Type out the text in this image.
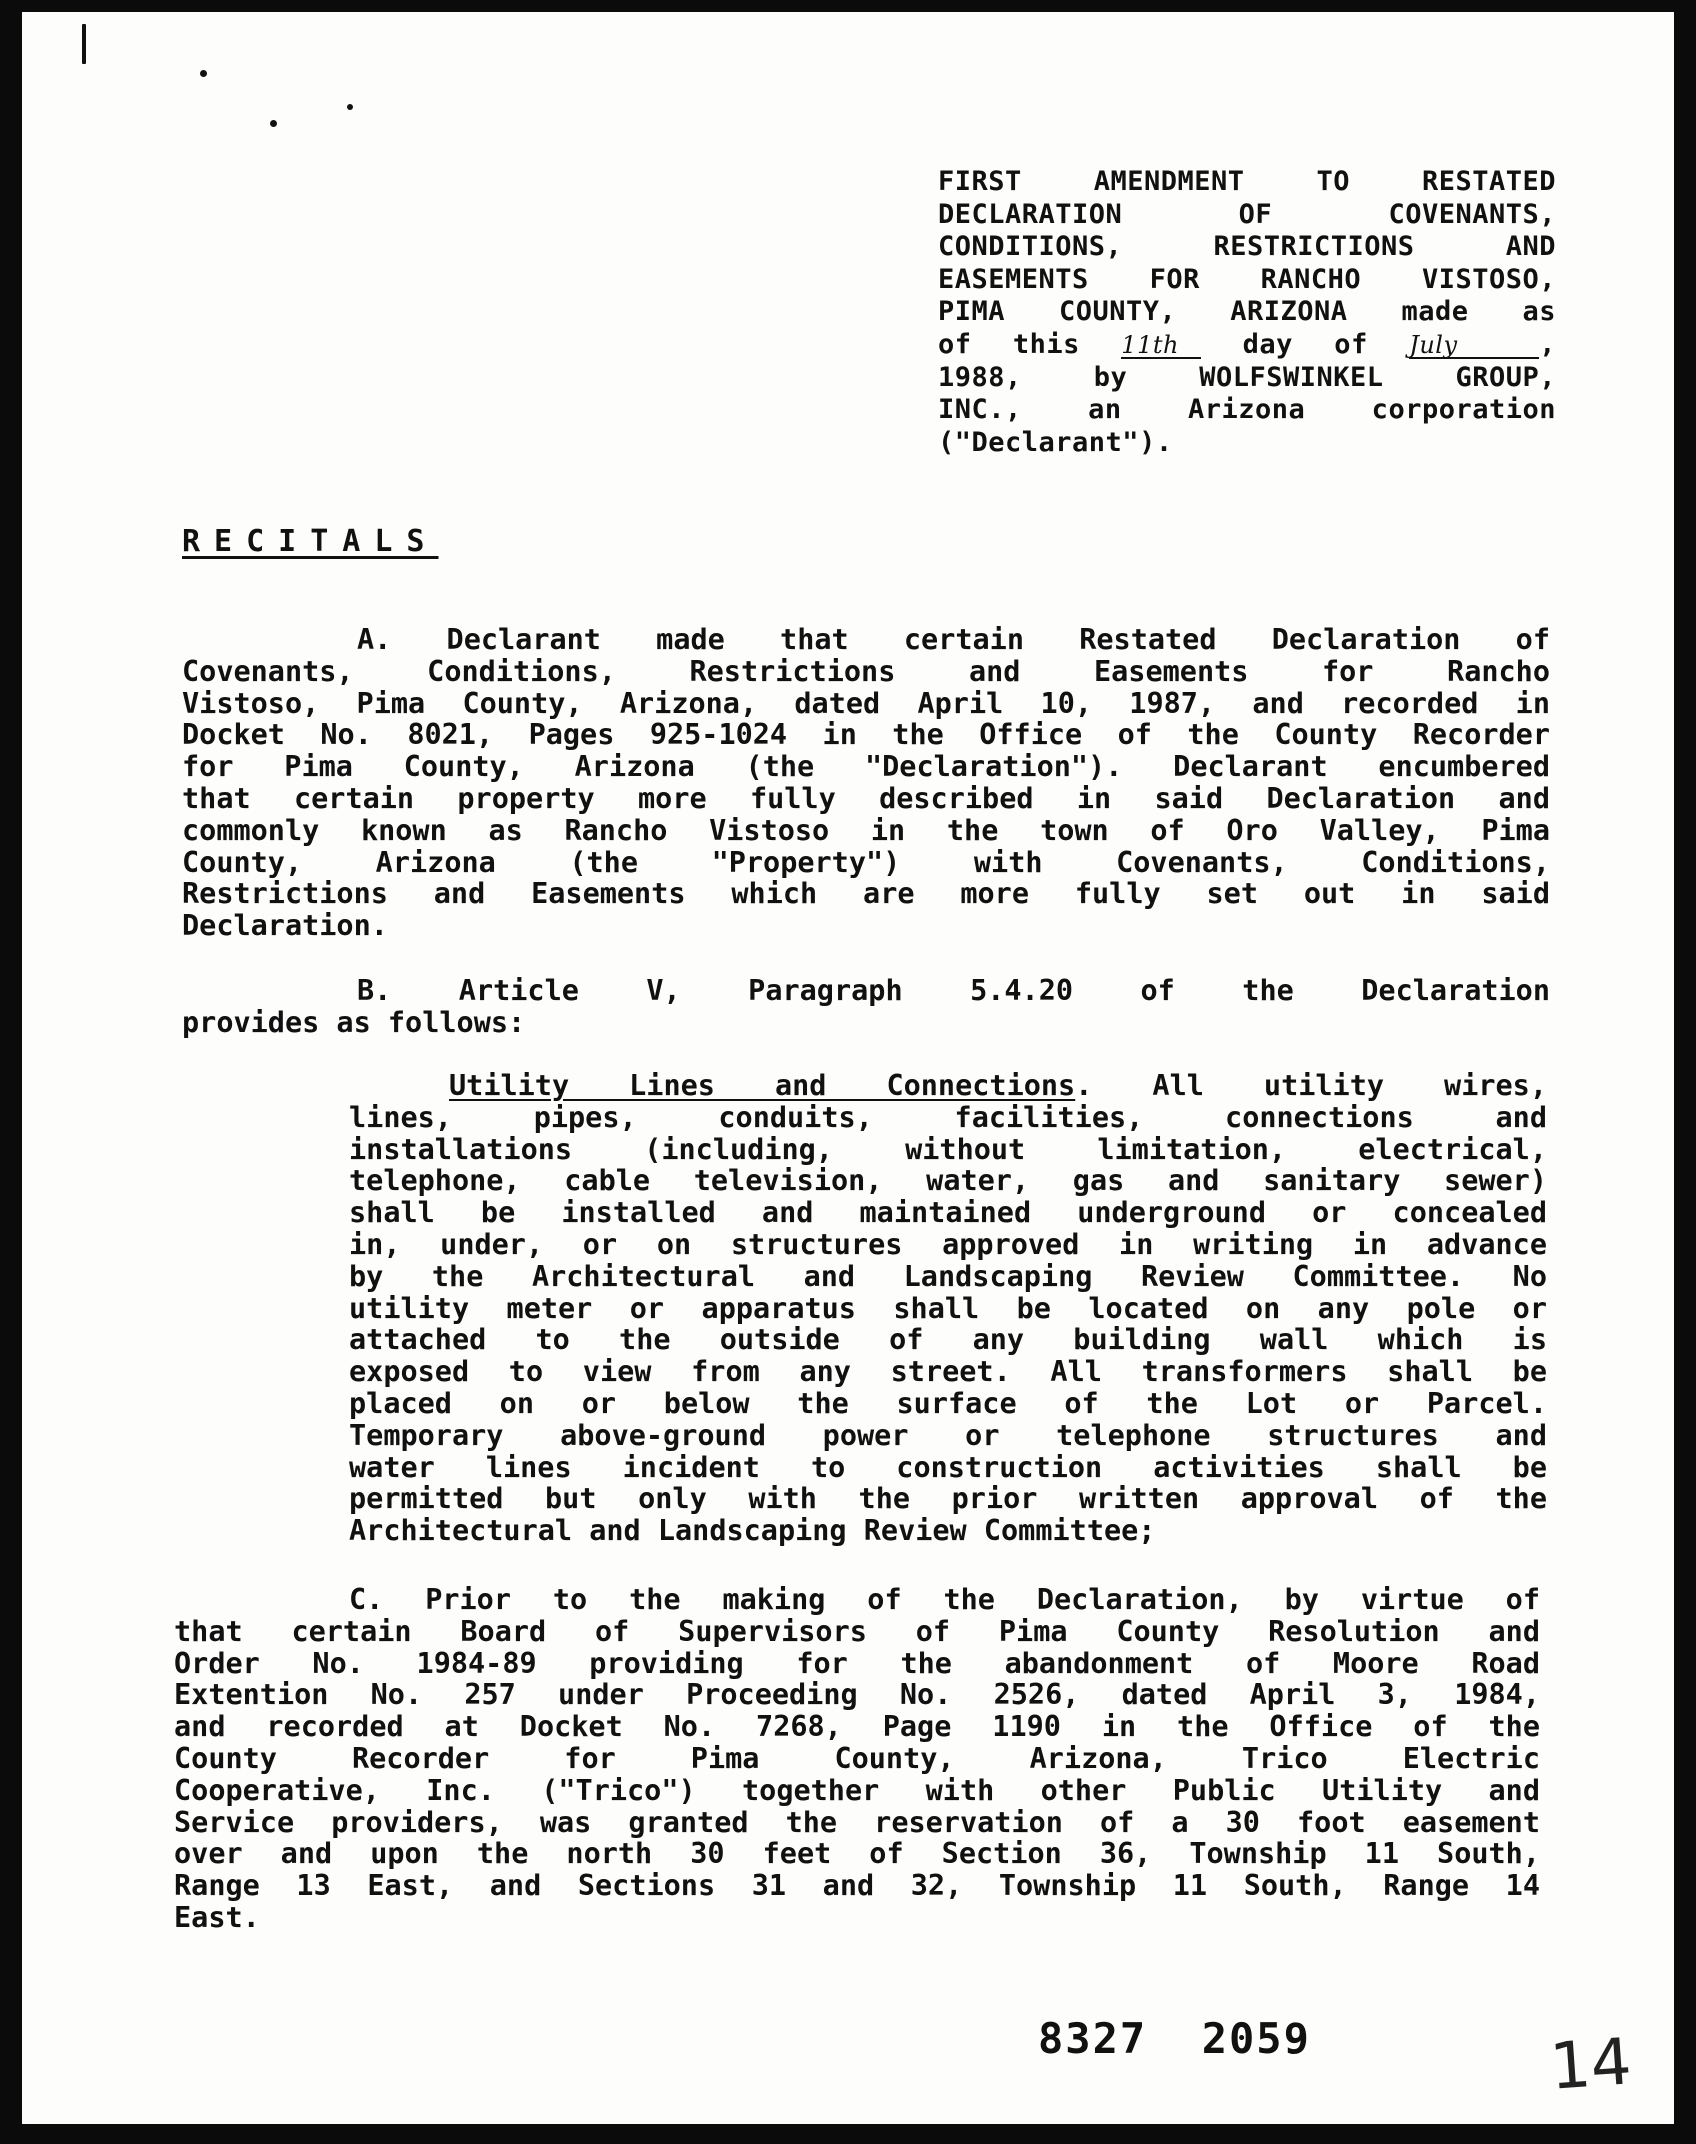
FIRST AMENDMENT TO RESTATED
DECLARATION OF COVENANTS,
CONDITIONS, RESTRICTIONS AND
EASEMENTS FOR RANCHO VISTOSO,
PIMA COUNTY, ARIZONA made as
of this 11th day of July	,
1988, by WOLFSWINKEL GROUP,
INC., an Arizona corporation
("Declarant").
RECITALS
A. Declarant made that certain Restated Declaration of
Covenants, Conditions, Restrictions and Easements for Rancho
Vistoso, Pima County, Arizona, dated April 10, 1987, and recorded in
Docket No. 8021, Pages 925-1024 in the Office of the County Recorder
for Pima County, Arizona (the "Declaration"). Declarant encumbered
that certain property more fully described in said Declaration and
commonly known as Rancho Vistoso in the town of Oro Valley, Pima
County, Arizona (the "Property") with Covenants, Conditions,
Restrictions and Easements which are more fully set out in said
Declaration.
B. Article V, Paragraph 5.4.20 of the Declaration
provides as follows:
Utility Lines and Connections. All utility wires,
lines, pipes, conduits, facilities, connections and
installations (including, without limitation, electrical,
telephone, cable television, water, gas and sanitary sewer)
shall be installed and maintained underground or concealed
in, under, or on structures approved in writing in advance
by the Architectural and Landscaping Review Committee. No
utility meter or apparatus shall be located on any pole or
attached to the outside of any building wall which is
exposed to view from any street. All transformers shall be
placed on or below the surface of the Lot or Parcel.
Temporary above-ground power or telephone structures and
water lines incident to construction activities shall be
permitted but only with the prior written approval of the
Architectural and Landscaping Review Committee;
C. Prior to the making of the Declaration, by virtue of
that certain Board of Supervisors of Pima County Resolution and
Order No. 1984-89 providing for the abandonment of Moore Road
Extention No. 257 under Proceeding No. 2526, dated April 3, 1984,
and recorded at Docket No. 7268, Page 1190 in the Office of the
County Recorder for Pima County, Arizona, Trico Electric
Cooperative, Inc. ("Trico") together with other Public Utility and
Service providers, was granted the reservation of a 30 foot easement
over and upon the north 30 feet of Section 36, Township 11 South,
Range 13 East, and Sections 31 and 32, Township 11 South, Range 14
East.
8327  2059	14
